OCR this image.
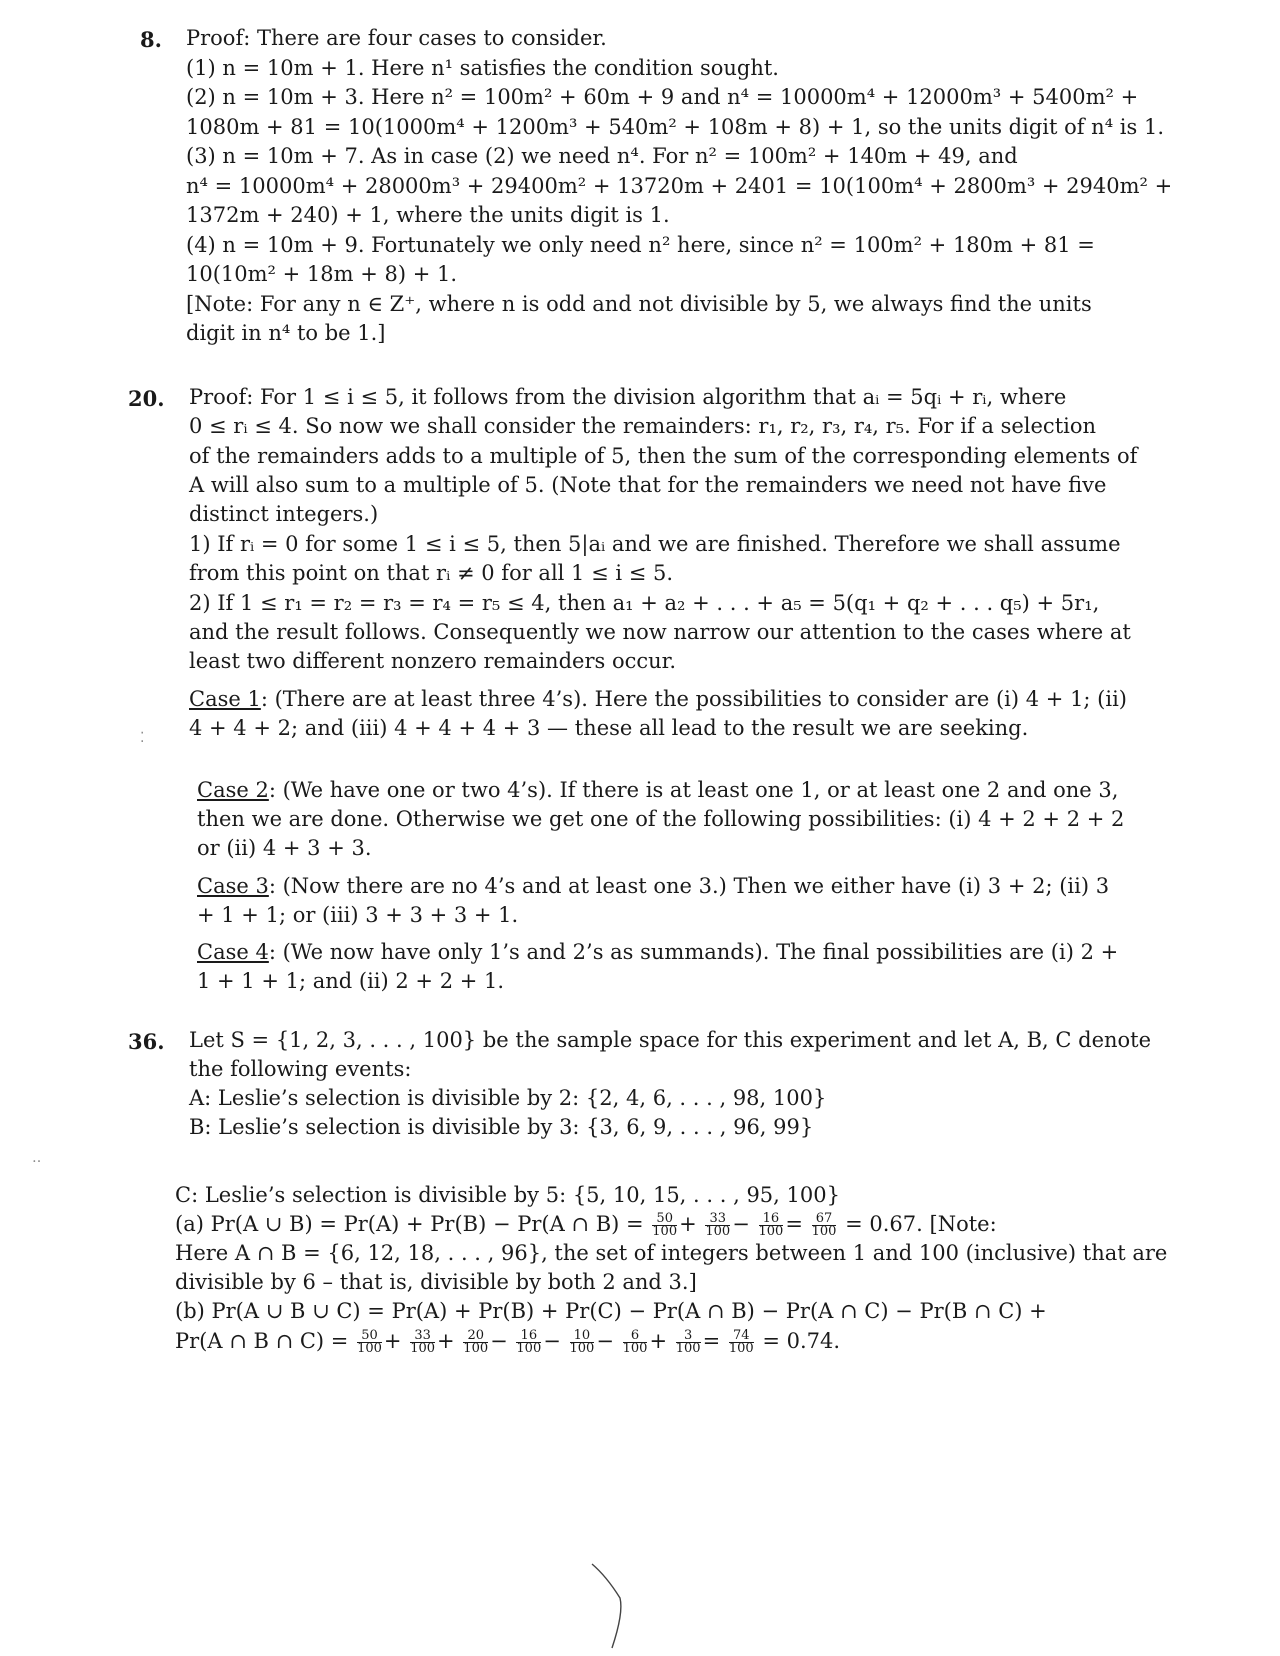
8. Proof: There are four cases to consider.
(1) n = 10m + 1. Here n¹ satisfies the condition sought.
(2) n = 10m + 3. Here n² = 100m² + 60m + 9 and n⁴ = 10000m⁴ + 12000m³ + 5400m² +
1080m + 81 = 10(1000m⁴ + 1200m³ + 540m² + 108m + 8) + 1, so the units digit of n⁴ is 1.
(3) n = 10m + 7. As in case (2) we need n⁴. For n² = 100m² + 140m + 49, and
n⁴ = 10000m⁴ + 28000m³ + 29400m² + 13720m + 2401 = 10(100m⁴ + 2800m³ + 2940m² +
1372m + 240) + 1, where the units digit is 1.
(4) n = 10m + 9. Fortunately we only need n² here, since n² = 100m² + 180m + 81 =
10(10m² + 18m + 8) + 1.
[Note: For any n ∈ Z⁺, where n is odd and not divisible by 5, we always find the units
digit in n⁴ to be 1.]
20. Proof: For 1 ≤ i ≤ 5, it follows from the division algorithm that aᵢ = 5qᵢ + rᵢ, where
0 ≤ rᵢ ≤ 4. So now we shall consider the remainders: r₁, r₂, r₃, r₄, r₅. For if a selection
of the remainders adds to a multiple of 5, then the sum of the corresponding elements of
A will also sum to a multiple of 5. (Note that for the remainders we need not have five
distinct integers.)
1) If rᵢ = 0 for some 1 ≤ i ≤ 5, then 5|aᵢ and we are finished. Therefore we shall assume
from this point on that rᵢ ≠ 0 for all 1 ≤ i ≤ 5.
2) If 1 ≤ r₁ = r₂ = r₃ = r₄ = r₅ ≤ 4, then a₁ + a₂ + . . . + a₅ = 5(q₁ + q₂ + . . . q₅) + 5r₁,
and the result follows. Consequently we now narrow our attention to the cases where at
least two different nonzero remainders occur.
Case 1: (There are at least three 4’s). Here the possibilities to consider are (i) 4 + 1; (ii)
4 + 4 + 2; and (iii) 4 + 4 + 4 + 3 — these all lead to the result we are seeking.
Case 2: (We have one or two 4’s). If there is at least one 1, or at least one 2 and one 3,
then we are done. Otherwise we get one of the following possibilities: (i) 4 + 2 + 2 + 2
or (ii) 4 + 3 + 3.
Case 3: (Now there are no 4’s and at least one 3.) Then we either have (i) 3 + 2; (ii) 3
+ 1 + 1; or (iii) 3 + 3 + 3 + 1.
Case 4: (We now have only 1’s and 2’s as summands). The final possibilities are (i) 2 +
1 + 1 + 1; and (ii) 2 + 2 + 1.
36. Let S = {1, 2, 3, . . . , 100} be the sample space for this experiment and let A, B, C denote
the following events:
A: Leslie’s selection is divisible by 2: {2, 4, 6, . . . , 98, 100}
B: Leslie’s selection is divisible by 3: {3, 6, 9, . . . , 96, 99}
C: Leslie’s selection is divisible by 5: {5, 10, 15, . . . , 95, 100}
(a) Pr(A ∪ B) = Pr(A) + Pr(B) − Pr(A ∩ $B) = \frac{50}{100} + \frac{33}{100} - \frac{16}{100} = \frac{67}{100} = 0.67$. [Note:
Here A ∩ B = {6, 12, 18, . . . , 96}, the set of integers between 1 and 100 (inclusive) that are
divisible by 6 – that is, divisible by both 2 and 3.]
(b) Pr(A ∪ B ∪ C) = Pr(A) + Pr(B) + Pr(C) − Pr(A ∩ B) − Pr(A ∩ C) − Pr(B ∩ C) +
Pr(A ∩ B ∩ $C) = \frac{50}{100} + \frac{33}{100} + \frac{20}{100} - \frac{16}{100} - \frac{10}{100} - \frac{6}{100} + \frac{3}{100} = \frac{74}{100} = 0.74$.
⁚
‥
